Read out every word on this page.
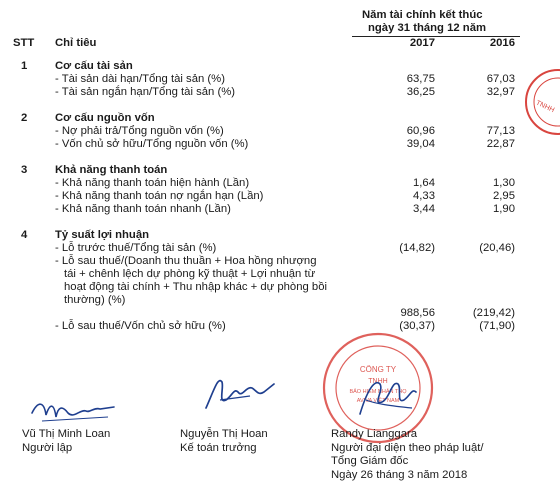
Năm tài chính kết thúc
ngày 31 tháng 12 năm
STT Chỉ tiêu	2017	2016
1 Cơ cấu tài sản
- Tài sản dài hạn/Tổng tài sản (%)	63,75	67,03
- Tài sản ngắn hạn/Tổng tài sản (%)	36,25	32,97
2 Cơ cấu nguồn vốn
- Nợ phải trả/Tổng nguồn vốn (%)	60,96	77,13
- Vốn chủ sở hữu/Tổng nguồn vốn (%)	39,04	22,87
3 Khả năng thanh toán
- Khả năng thanh toán hiện hành (Lần)	1,64	1,30
- Khả năng thanh toán nợ ngắn hạn (Lần)	4,33	2,95
- Khả năng thanh toán nhanh (Lần)	3,44	1,90
4 Tỷ suất lợi nhuận
- Lỗ trước thuế/Tổng tài sản (%)	(14,82)	(20,46)
- Lỗ sau thuế/(Doanh thu thuần + Hoa hồng nhượng
tái + chênh lệch dự phòng kỹ thuật + Lợi nhuận từ
hoạt động tài chính + Thu nhập khác + dự phòng bồi
thường) (%)
988,56	(219,42)
- Lỗ sau thuế/Vốn chủ sở hữu (%)	(30,37)	(71,90)
TNHH
CÔNG TY
TNHH
BẢO HIỂM NHÂN THỌ
AVIVA VIỆT NAM
Vũ Thị Minh Loan
Người lập
Nguyễn Thị Hoan
Kế toán trưởng
Randy Lianggara
Người đại diện theo pháp luật/
Tổng Giám đốc
Ngày 26 tháng 3 năm 2018
